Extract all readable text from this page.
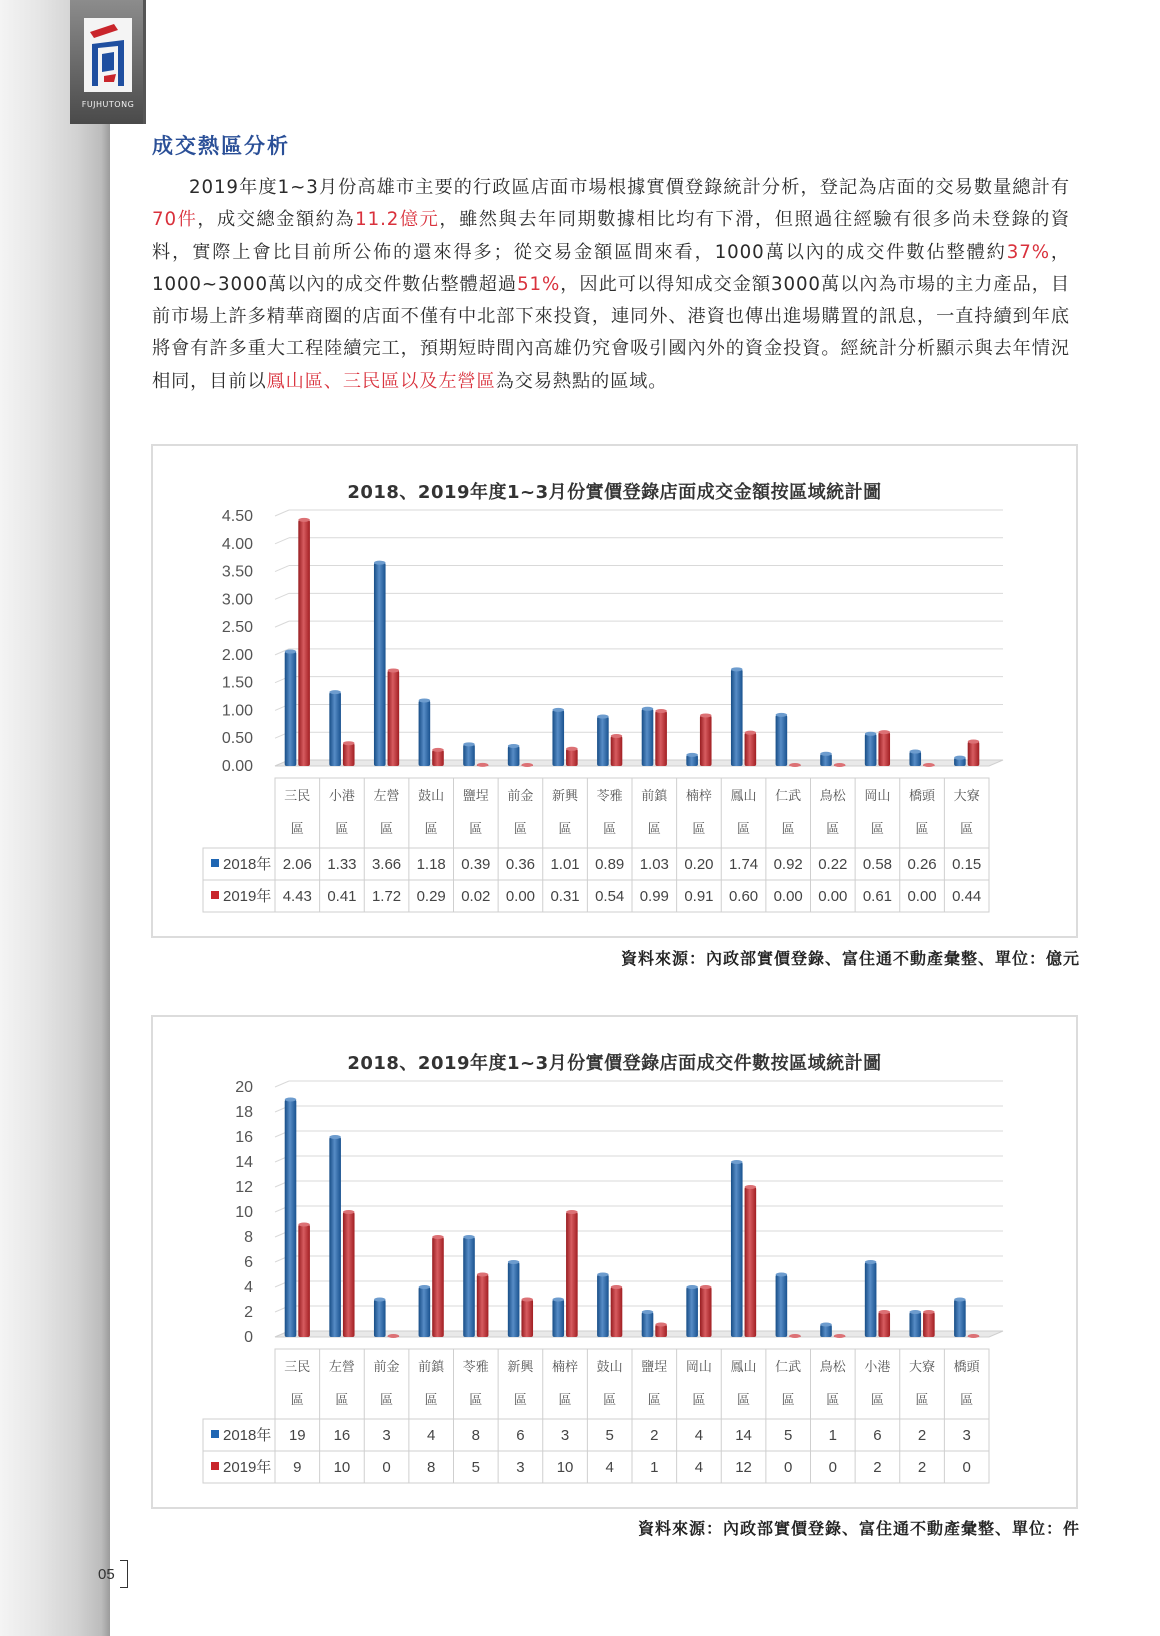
FUJHUTONG
成交熱區分析

2019年度1~3月份高雄市主要的行政區店面市場根據實價登錄統計分析，登記為店面的交易數量總計有70件，成交總金額約為11.2億元，雖然與去年同期數據相比均有下滑，但照過往經驗有很多尚未登錄的資料，實際上會比目前所公佈的還來得多；從交易金額區間來看，1000萬以內的成交件數佔整體約37%，1000~3000萬以內的成交件數佔整體超過51%，因此可以得知成交金額3000萬以內為市場的主力產品，目前市場上許多精華商圈的店面不僅有中北部下來投資，連同外、港資也傳出進場購置的訊息，一直持續到年底將會有許多重大工程陸續完工，預期短時間內高雄仍究會吸引國內外的資金投資。經統計分析顯示與去年情況相同，目前以鳳山區、三民區以及左營區為交易熱點的區域。

2018、2019年度1~3月份實價登錄店面成交金額按區域統計圖
0.00
0.50
1.00
1.50
2.00
2.50
3.00
3.50
4.00
4.50
三民
區
小港
區
左營
區
鼓山
區
鹽埕
區
前金
區
新興
區
苓雅
區
前鎮
區
楠梓
區
鳳山
區
仁武
區
鳥松
區
岡山
區
橋頭
區
大寮
區
2018年 2.06 1.33 3.66 1.18 0.39 0.36 1.01 0.89 1.03 0.20 1.74 0.92 0.22 0.58 0.26 0.15
2019年 4.43 0.41 1.72 0.29 0.02 0.00 0.31 0.54 0.99 0.91 0.60 0.00 0.00 0.61 0.00 0.44
資料來源：內政部實價登錄、富住通不動產彙整、單位：億元
2018、2019年度1~3月份實價登錄店面成交件數按區域統計圖
0
2
4
6
8
10
12
14
16
18
20
三民
區
左營
區
前金
區
前鎮
區
苓雅
區
新興
區
楠梓
區
鼓山
區
鹽埕
區
岡山
區
鳳山
區
仁武
區
鳥松
區
小港
區
大寮
區
橋頭
區
2018年 19 16 3 4 8 6 3 5 2 4 14 5 1 6 2 3
2019年 9 10 0 8 5 3 10 4 1 4 12 0 0 2 2 0
資料來源：內政部實價登錄、富住通不動產彙整、單位：件
05
